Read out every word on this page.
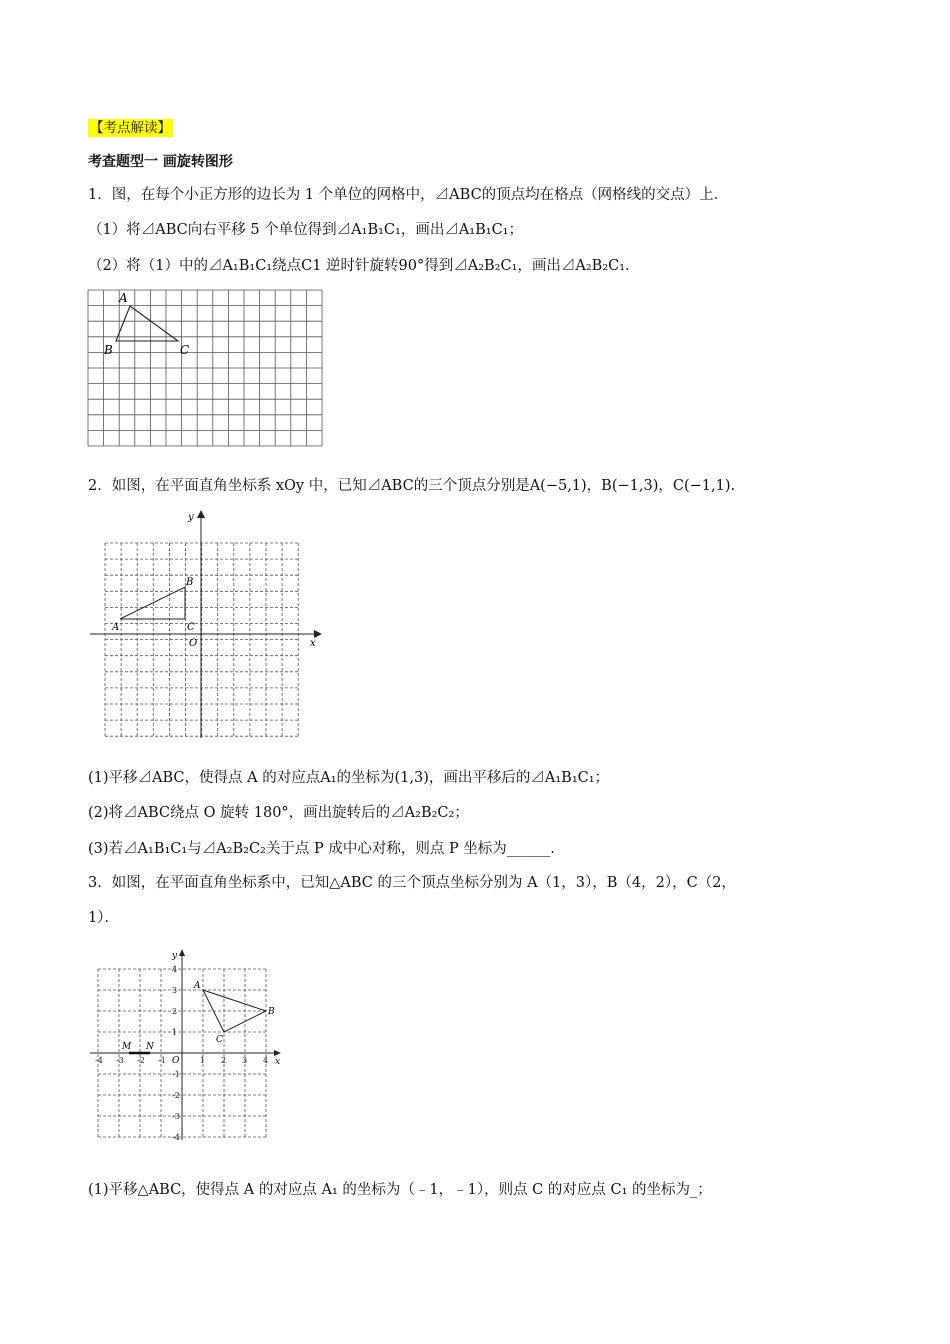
【考点解读】
考查题型一 画旋转图形
1．图，在每个小正方形的边长为 1 个单位的网格中，⊿ABC的顶点均在格点（网格线的交点）上．
（1）将⊿ABC向右平移 5 个单位得到⊿A₁B₁C₁，画出⊿A₁B₁C₁；
（2）将（1）中的⊿A₁B₁C₁绕点C1 逆时针旋转90°得到⊿A₂B₂C₁，画出⊿A₂B₂C₁．
A
B	C
2．如图，在平面直角坐标系 xOy 中，已知⊿ABC的三个顶点分别是A(−5,1)，B(−1,3)，C(−1,1).
y
x
O
A
B
C
(1)平移⊿ABC，使得点 A 的对应点A₁的坐标为(1,3)，画出平移后的⊿A₁B₁C₁；
(2)将⊿ABC绕点 O 旋转 180°，画出旋转后的⊿A₂B₂C₂；
(3)若⊿A₁B₁C₁与⊿A₂B₂C₂关于点 P 成中心对称，则点 P 坐标为______.
3．如图，在平面直角坐标系中，已知△ABC 的三个顶点坐标分别为 A（1，3），B（4，2），C（2，
1）．
-4 -3 -2 -1	1 2 3 4
4
3
2
1
-1
-2
-3
-4
y
x
O
A
B
C
M N
(1)平移△ABC，使得点 A 的对应点 A₁ 的坐标为（﹣1，﹣1），则点 C 的对应点 C₁ 的坐标为_；
